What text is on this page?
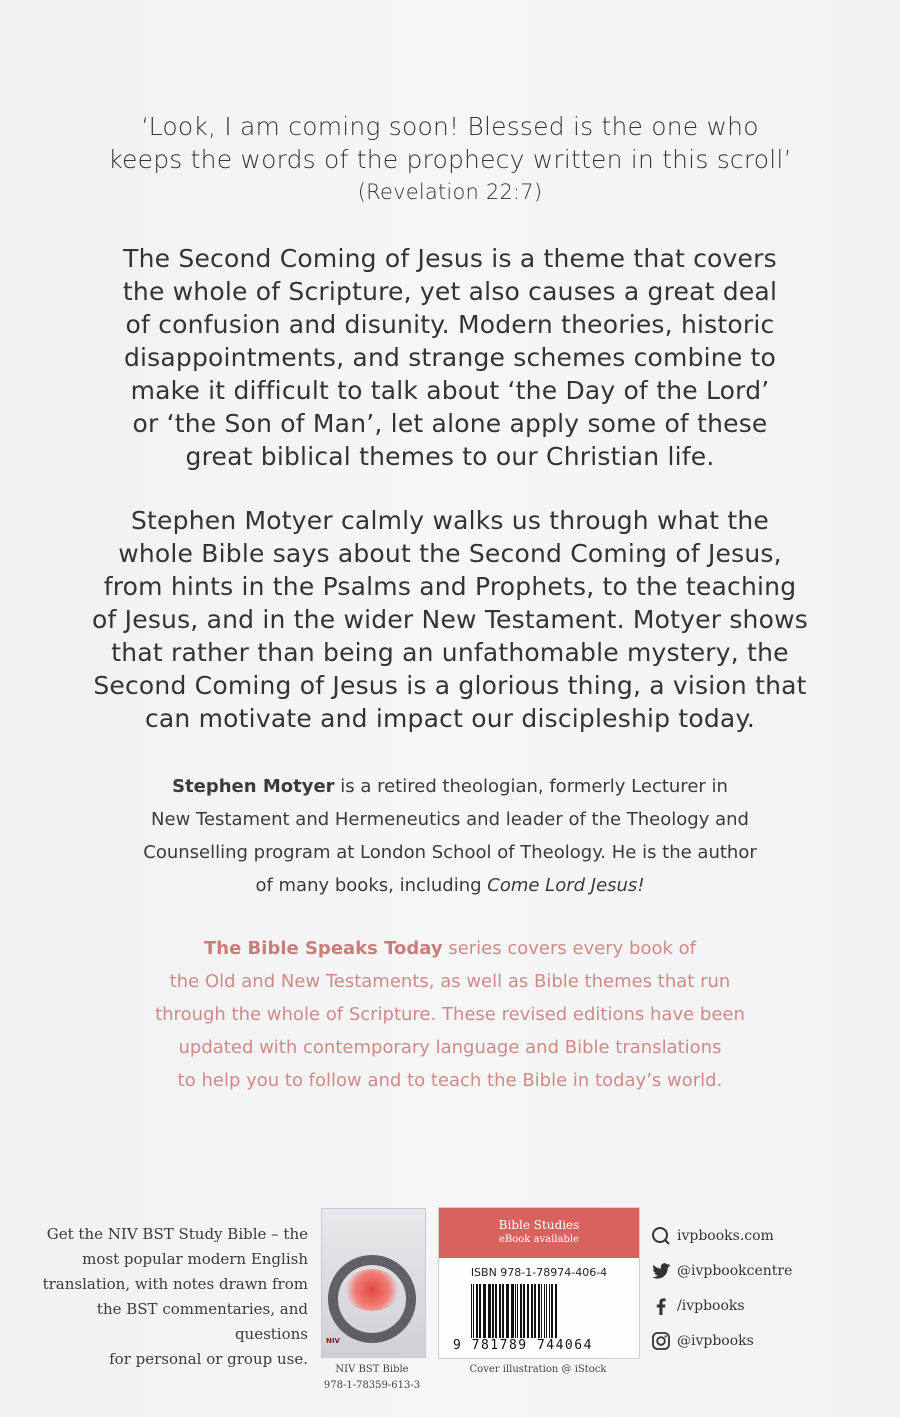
‘Look, I am coming soon! Blessed is the one who
keeps the words of the prophecy written in this scroll’
(Revelation 22:7)
The Second Coming of Jesus is a theme that covers
the whole of Scripture, yet also causes a great deal
of confusion and disunity. Modern theories, historic
disappointments, and strange schemes combine to
make it difficult to talk about ‘the Day of the Lord’
or ‘the Son of Man’, let alone apply some of these
great biblical themes to our Christian life.
Stephen Motyer calmly walks us through what the
whole Bible says about the Second Coming of Jesus,
from hints in the Psalms and Prophets, to the teaching
of Jesus, and in the wider New Testament. Motyer shows
that rather than being an unfathomable mystery, the
Second Coming of Jesus is a glorious thing, a vision that
can motivate and impact our discipleship today.
Stephen Motyer is a retired theologian, formerly Lecturer in
New Testament and Hermeneutics and leader of the Theology and
Counselling program at London School of Theology. He is the author
of many books, including Come Lord Jesus!
The Bible Speaks Today series covers every book of
the Old and New Testaments, as well as Bible themes that run
through the whole of Scripture. These revised editions have been
updated with contemporary language and Bible translations
to help you to follow and to teach the Bible in today’s world.
Get the NIV BST Study Bible – the
most popular modern English
translation, with notes drawn from
the BST commentaries, and questions
for personal or group use.
NIV
NIV BST Bible
978-1-78359-613-3
Bible Studies
eBook available
ISBN 978-1-78974-406-4
9 781789 744064
Cover illustration @ iStock
ivpbooks.com
@ivpbookcentre
/ivpbooks
@ivpbooks
